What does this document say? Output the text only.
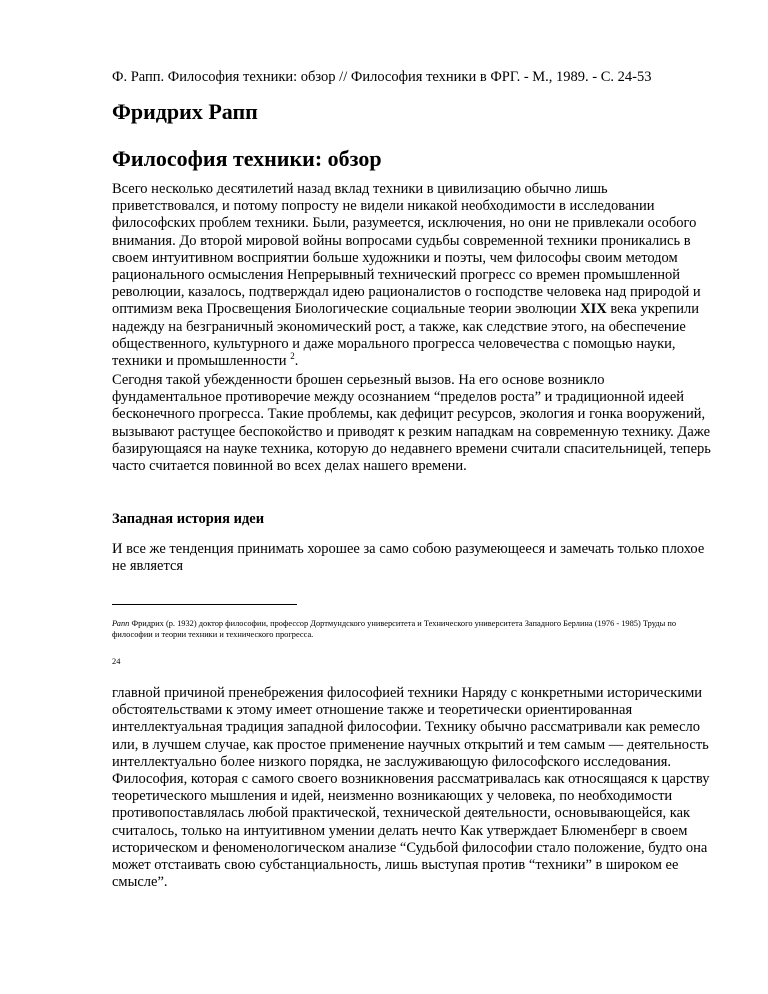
Ф. Рапп. Философия техники: обзор // Философия техники в ФРГ. - М., 1989. - С. 24-53
Фридрих Рапп
Философия техники: обзор

Всего несколько десятилетий назад вклад техники в цивилизацию обычно лишь приветствовался, и потому попросту не видели никакой необходимости в исследовании философских проблем техники. Были, разумеется, исключения, но они не привлекали особого внимания. До второй мировой войны вопросами судьбы современной техники проникались в своем интуитивном восприятии больше художники и поэты, чем философы своим методом рационального осмысления Непрерывный технический прогресс со времен промышленной революции, казалось, подтверждал идею рационалистов о господстве человека над природой и оптимизм века Просвещения Биологические социальные теории эволюции XIX века укрепили надежду на безграничный экономический рост, а также, как следствие этого, на обеспечение общественного, культурного и даже морального прогресса человечества с помощью науки, техники и промышленности $^2$.

Сегодня такой убежденности брошен серьезный вызов. На его основе возникло фундаментальное противоречие между осознанием “пределов роста” и традиционной идеей бесконечного прогресса. Такие проблемы, как дефицит ресурсов, экология и гонка вооружений, вызывают растущее беспокойство и приводят к резким нападкам на современную технику. Даже базирующаяся на науке техника, которую до недавнего времени считали спасительницей, теперь часто считается повинной во всех делах нашего времени.

Западная история идеи

И все же тенденция принимать хорошее за само собою разумеющееся и замечать только плохое не является

Рапп Фридрих (р. 1932) доктор философии, профессор Дортмундского университета и Технического университета Западного Берлина (1976 - 1985) Труды по философии и теории техники и технического прогресса.

24

главной причиной пренебрежения философией техники Наряду с конкретными историческими обстоятельствами к этому имеет отношение также и теоретически ориентированная интеллектуальная традиция западной философии. Технику обычно рассматривали как ремесло или, в лучшем случае, как простое применение научных открытий и тем самым — деятельность интеллектуально более низкого порядка, не заслуживающую философского исследования. Философия, которая с самого своего возникновения рассматривалась как относящаяся к царству теоретического мышления и идей, неизменно возникающих у человека, по необходимости противопоставлялась любой практической, технической деятельности, основывающейся, как считалось, только на интуитивном умении делать нечто Как утверждает Блюменберг в своем историческом и феноменологическом анализе “Судьбой философии стало положение, будто она может отстаивать свою субстанциальность, лишь выступая против “техники” в широком ее смысле”.
